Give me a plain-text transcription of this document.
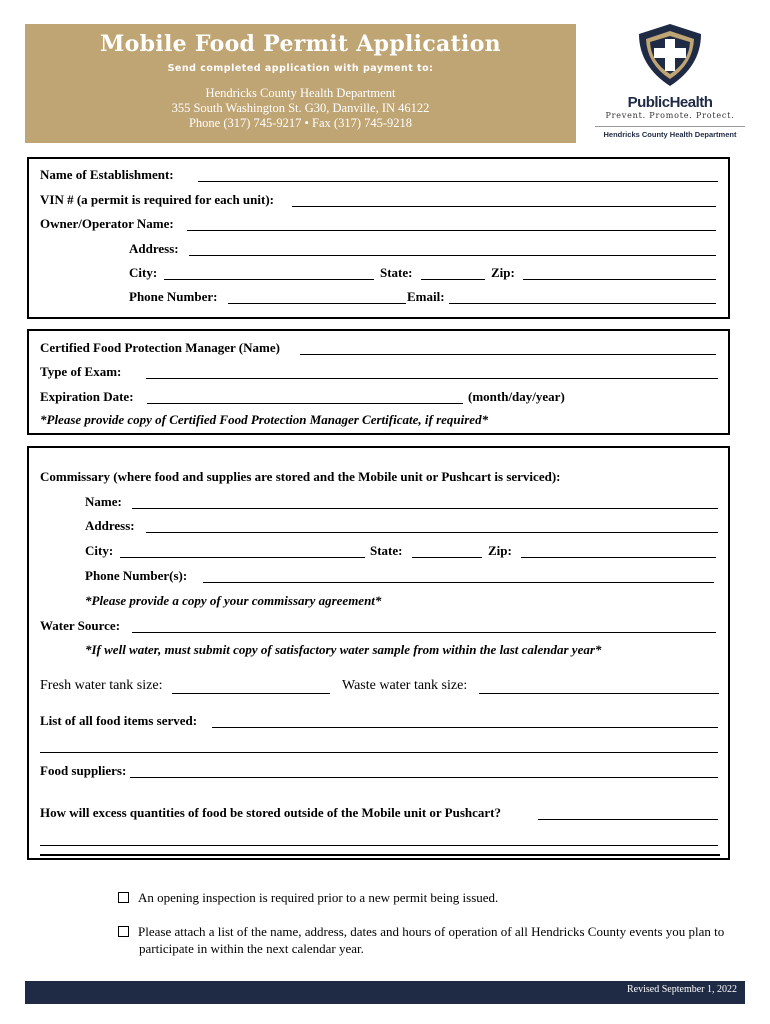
Mobile Food Permit Application
Send completed application with payment to:
Hendricks County Health Department
355 South Washington St. G30, Danville, IN 46122
Phone (317) 745-9217 • Fax (317) 745-9218
PublicHealth
Prevent. Promote. Protect.
Hendricks County Health Department
Name of Establishment:
VIN # (a permit is required for each unit):
Owner/Operator Name:
Address:
City:	State:	Zip:
Phone Number:	Email:
Certified Food Protection Manager (Name)
Type of Exam:
Expiration Date:	(month/day/year)
*Please provide copy of Certified Food Protection Manager Certificate, if required*
Commissary (where food and supplies are stored and the Mobile unit or Pushcart is serviced):
Name:
Address:
City:	State:	Zip:
Phone Number(s):
*Please provide a copy of your commissary agreement*
Water Source:
*If well water, must submit copy of satisfactory water sample from within the last calendar year*
Fresh water tank size:	Waste water tank size:
List of all food items served:
Food suppliers:
How will excess quantities of food be stored outside of the Mobile unit or Pushcart?
An opening inspection is required prior to a new permit being issued.
Please attach a list of the name, address, dates and hours of operation of all Hendricks County events you plan to participate in within the next calendar year.
Revised September 1, 2022
